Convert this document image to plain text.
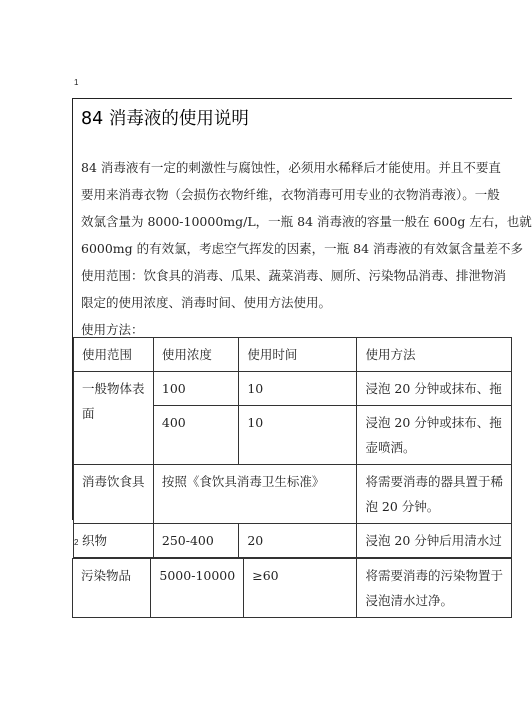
1
84 消毒液的使用说明
84 消毒液有一定的刺激性与腐蚀性，必须用水稀释后才能使用。并且不要直
要用来消毒衣物（会损伤衣物纤维，衣物消毒可用专业的衣物消毒液）。一般
效氯含量为 8000-10000mg/L，一瓶 84 消毒液的容量一般在 600g 左右，也就
6000mg 的有效氯，考虑空气挥发的因素，一瓶 84 消毒液的有效氯含量差不多
使用范围：饮食具的消毒、瓜果、蔬菜消毒、厕所、污染物品消毒、排泄物消
限定的使用浓度、消毒时间、使用方法使用。
使用方法：
使用范围	使用浓度	使用时间	使用方法

一般物体表
面	100	10	浸泡 20 分钟或抹布、拖
	400	10	浸泡 20 分钟或抹布、拖
壶喷洒。

消毒饮食具	按照《食饮具消毒卫生标准》		将需要消毒的器具置于稀
泡 20 分钟。

织物	250-400	20	浸泡 20 分钟后用清水过
2
污染物品	5000-10000	≥60	将需要消毒的污染物置于
浸泡清水过净。
